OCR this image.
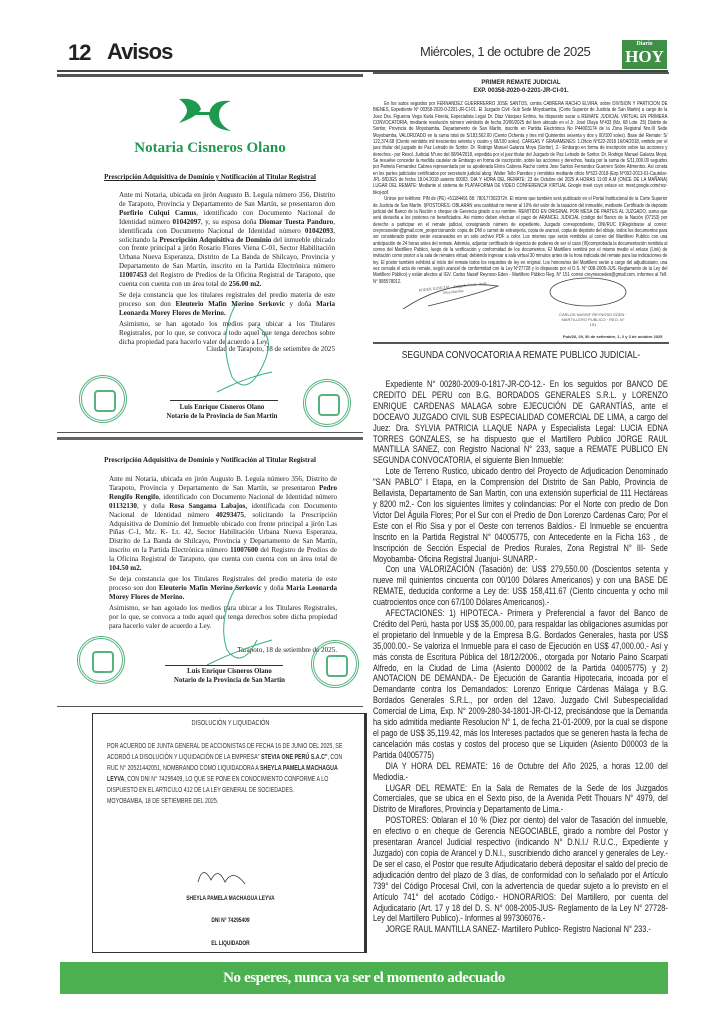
12 Avisos	Miércoles, 1 de octubre de 2025	Diario
HOY
Notaria Cisneros Olano
Prescripción Adquisitiva de Dominio y Notificación al Titular Registral

Ante mi Notaria, ubicada en jirón Augusto B. Leguía número 356, Distrito de Tarapoto, Provincia y Departamento de San Martín, se presentaron don Porfirio Culqui Camus, identificado con Documento Nacional de Identidad número 01042097, y, su esposa doña Diomar Tuesta Panduro, identificada con Documento Nacional de Identidad número 01042093, solicitando la Prescripción Adquisitiva de Dominio del inmueble ubicado con frente principal a jirón Rosario Flores Viena C-01, Sector Habilitación Urbana Nueva Esperanza, Distrito de La Banda de Shilcayo, Provincia y Departamento de San Martín, inscrito en la Partida Electrónica número 11007453 del Registro de Predios de la Oficina Registral de Tarapoto, que cuenta con cuenta con un área total de 256.00 m2.

Se deja constancia que los titulares registrales del predio materia de este proceso son don Eleuterio Mafin Merino Serkovic y doña Maria Leonarda Morey Flores de Merino.

Asimismo, se han agotado los medios para ubicar a los Titulares Registrales, por lo que, se convoca a todo aquel que tenga derechos sobre dicha propiedad para hacerlo valer de acuerdo a Ley.

Ciudad de Tarapoto, 18 de setiembre de 2025
Luis Enrique Cisneros Olano
Notario de la Provincia de San Martin
Prescripción Adquisitiva de Dominio y Notificación al Titular Registral

Ante mi Notaria, ubicada en jirón Augusto B. Leguía número 356, Distrito de Tarapoto, Provincia y Departamento de San Martín, se presentaron Pedro Rengifo Rengifo, identificado con Documento Nacional de Identidad número 01132130, y doña Rosa Sangama Labajos, identificada con Documento Nacional de Identidad número 40293475, solicitando la Prescripción Adquisitiva de Dominio del Inmueble ubicado con frente principal a jirón Las Piñas C-1, Mz. K- Lt. 42, Sector Habilitación Urbana Nueva Esperanza, Distrito de La Banda de Shilcayo, Provincia y Departamento de San Martín, inscrito en la Partida Electrónica número 11007600 del Registro de Predios de la Oficina Registral de Tarapoto, que cuenta con cuenta con un área total de 104.50 m2.

Se deja constancia que los Titulares Registrales del predio materia de este proceso son don Eleuterio Mafin Merino Serkovic y doña Maria Leonarda Morey Flores de Merino.

Asimismo, se han agotado los medios para ubicar a los Titulares Registrales, por lo que, se convoca a todo aquel que tenga derechos sobre dicha propiedad para hacerlo valer de acuerdo a Ley.

Tarapoto, 18 de setiembre de 2025.
Luis Enrique Cisneros Olano
Notario de la Provincia de San Martin
DISOLUCIÓN Y LIQUIDACIÓN

POR ACUERDO DE JUNTA GENERAL DE ACCIONISTAS DE FECHA 16 DE JUNIO DEL 2025, SE ACORDÓ LA DISOLUCIÓN Y LIQUIDACIÓN DE LA EMPRESA" STEVIA ONE PERÚ S.A.C", CON RUC N° 20521442051, NOMBRANDO COMO LIQUIDADORA A SHEYLA PAMELA MACHAGUA LEYVA, CON DNI N° 74295409, LO QUE SE PONE EN CONOCIMIENTO CONFORME A LO DISPUESTO EN EL ARTICULO 412 DE LA LEY GENERAL DE SOCIEDADES.

MOYOBAMBA, 18 DE SETIEMBRE DEL 2025.

SHEYLA PAMELA MACHAGUA LEYVA
DNI N° 74295409
EL LIQUIDADOR
PRIMER REMATE JUDICIAL
EXP. 00358-2020-0-2201-JR-CI-01.

En los autos seguidos por FERNANDEZ GUERRRERRO JOSE SANTOS, contra CABRERA RACHO ELVIRA, sobre DIVISION Y PARTICION DE BIENES, Expediente N° 00358-2020-0-2201-JR-CI-01. El Juzgado Civil -Sub Sede Moyobamba, (Corte Superior de Justicia de San Martin) a cargo de la Juez Dra. Figueroa Vega Karla Fiorela, Especialista Legal Dr. Diaz Vásquez Erdma, ha dispuesto sacar a REMATE JUDICIAL VIRTUAL EN PRIMERA CONVOCATORIA, mediante resolución número veintiséis de fecha 20/06/2025 del bien ubicado en el Jr. José Olaya N°433 (Mz. 68 Lote. 25) Distrito de Soritor, Provincia de Moyobamba, Departamento de San Martin, inscrito en Partida Electrónica No P44003174 de la Zona Registral Nro.III Sede Moyobamba, VALORIZADO en la suma total de S/183,562.00 (Ciento Ochenta y tres mil Quinientos sesenta y dos y 00/100 soles). Base del Remate: S/ 122,374.68 (Ciento veintidós mil trescientos setenta y cuatro y 68/100 soles). CARGAS Y GRAVAMENES: 1.Oficio N°622-2018 16/04/2018, emitido por el juez titular del juzgado de Paz Letrado de Soritor. Dr. Rodrigo Manuel Galarza Moya (Soritor). 2.- Embargo en forma de inscripción sobre las acciones y derechos.- por Resol. Judicial N°uno del 08/04/2018, expedida por el juez titular del Juzgado de Paz Letrado de Soritor. Dr. Rodrigo Manuel Galarza Moya; Se resuelve conceder la medida cautelar de Embargo en forma de inscripción, sobre las acciones y derechos, hasta por la suma de S/11,000.00 seguidos por Pamela Fernandez Cabrea representada por su apoderada Elvira Cabrera Racho contra Jose Santos Fernandez Guerrero Sobre Alimentos. Asi consta en los partes judiciales certificados por secretario judicial abog. Walter Tello Paredes y remitidos mediante oficio N°622-2018-(Exp N°092-2013-01-Cautelar-JPL-SfDJGS de fecha 18.04.2018 asiento 00003. DIA Y HORA DEL REMATE: 23 de Octubre del 2025 A HORAS 11:00 A.M (ONCE DE LA MAÑANA) LUGAR DEL REMATE: Mediante el sistema de PLATAFORMA DE VIDEO CONFERENCIA VIRTUAL Google meet cuyo enlace es: meet.google.com/nxz-bkoj-qof.

Unirse por teléfono: PIN de (PE) +51184491 88: 780177302372#. El mismo que también será publicado en el Portal Institucional de la Corte Superior de Justicia de San Martin. I)POSTORES: OBLARÁN una cantidad no menor al 10% del valor de la tasación del inmueble, mediante Certificado de depósito judicial del Banco de la Nación o cheque de Gerencia girado a su nombre. REMITIDO EN ORIGINAL POR MESA DE PARTES AL JUZGADO, suma que será devuelta a los postores no beneficiados. Asi mismo deben efectuar el pago de ARANCEL JUDICIAL (código del Banco de la Nación (07153) por derecho a participar en el remate judicial, consignando número de expediente, Juzgado correspondiente, DNI/RUC II)Registrarse al correo: creynosoeden@gmail.com_proporcionando: copia de DNI o carnet de extranjería, copia de arancel, copia de depósito del oblaje, todos los documentos para ser considerado postor serán escaneados en un solo archivo PDF a color. Los mismos que serán remitidos al correo del Martillero Publico con una anticipación de 24 horas antes del remate. Además, adjuntar certificado de vigencia de poderes de ser el caso (III)comprobada la documentación remitida al correo del Martillero Publico, luego de la verificación y conformidad de los documentos. El Martillero remitirá por el mismo medio el enlace (Link) de invitación como postor a la sala de remates virtual; debiendo ingresar a sala virtual 30 minutos antes de la hora indicada del remate para las indicaciones de ley. El postor también exhibirá al inicio del remate todos los requisitos de ley en original. Los honorarios del Martillero serán a cargo del adjudicatario, una vez cerrada el acta de remate, según arancel de conformidad con la Ley N°27728 y lo dispuesto por el D.S. N° 008-2005-JUS. Reglamento de la Ley del Martillero Público) y están afectos al IGV. Carlos Nassif Reynoso Eden - Martillero Público Reg. N° 151 correo creynosoeden@gmail.com. informes al Telf. N° 985578012.	PODER JUDICIAL · Juzgado Civil · Sede Moyobamba
CARLOS NASSIF REYNOSO EDEN · MARTILLERO PUBLICO · REG. N° 151
Pub/26, 29, 30 de setiembre, 1, 2 y 3 de octubre 2025
SEGUNDA CONVOCATORIA A REMATE PUBLICO JUDICIAL-

Expediente N° 00280-2009-0-1817-JR-CO-12.- En los seguidos por BANCO DE CREDITO DEL PERU con B.G. BORDADOS GENERALES S.R.L. y LORENZO ENRIQUE CARDENAS MALAGA sobre EJECUCIÓN DE GARANTÍAS, ante el DOCEAVO JUZGADO CIVIL SUB ESPECIALIDAD COMERCIAL DE LIMA, a cargo del Juez: Dra. SYLVIA PATRICIA LLAQUE NAPA y Especialista Legal: LUCIA EDNA TORRES GONZALES, se ha dispuesto que el Martillero Publico JORGE RAUL MANTILLA SANEZ, con Registro Nacional N° 233, saque a REMATE PUBLICO EN SEGUNDA CONVOCATORIA, el siguiente Bien Inmueble:

Lote de Terreno Rustico, ubicado dentro del Proyecto de Adjudicacion Denominado "SAN PABLO" I Etapa, en la Comprension del Distrito de San Pablo, Provincia de Bellavista, Departamento de San Martin, con una extensión superficial de 111 Hectáreas y 8200 m2.- Con los siguientes límites y colindancias: Por el Norte con predio de Don Victor Del Águila Flores; Por el Sur con el Predio de Don Lorenzo Cardenas Caro; Por el Este con el Rio Sisa y por el Oeste con terrenos Baldíos.- El Inmueble se encuentra Inscrito en la Partida Registral N° 04005775, con Antecedente en la Ficha 163 , de Inscripción de Sección Especial de Predios Rurales, Zona Registral N° III- Sede Moyobamba- Oficina Registral Juanjui- SUNARP.-

Con una VALORIZACIÓN (Tasación) de: US$ 279,550.00 (Doscientos setenta y nueve mil quinientos cincuenta con 00/100 Dólares Americanos) y con una BASE DE REMATE, deducida conforme a Ley de: US$ 158,411.67 (Ciento cincuenta y ocho mil cuatrocientos once con 67/100 Dólares Americanos).-

AFECTACIONES: 1) HIPOTECA.- Primera y Preferencial a favor del Banco de Crédito del Perú, hasta por US$ 35,000.00, para respaldar las obligaciones asumidas por el propietario del Inmueble y de la Empresa B.G. Bordados Generales, hasta por US$ 35,000.00.- Se valoriza el Inmueble para el caso de Ejecución en US$ 47,000.00.- Así y más consta de Escritura Pública del 18/12/2006., otorgada por Notario Paino Scarpati Alfredo, en la Ciudad de Lima (Asiento D00002 de la Partida 04005775) y 2) ANOTACION DE DEMANDA.- De Ejecución de Garantía Hipotecaria, incoada por el Demandante contra los Demandados: Lorenzo Enrique Cárdenas Málaga y B.G. Bordados Generales S.R.L., por orden del 12avo. Juzgado Civil Subespecialidad Comercial de Lima, Exp. N° 2009-280-34-1801-JR-CI-12, precisándose que la Demanda ha sido admitida mediante Resolucion N° 1, de fecha 21-01-2009, por la cual se dispone el pago de US$ 35,119.42, más los Intereses pactados que se generen hasta la fecha de cancelación más costas y costos del proceso que se Liquiden (Asiento D00003 de la Partida 04005775)

DIA Y HORA DEL REMATE: 16 de Octubre del Año 2025, a horas 12.00 del Mediodía.-

LUGAR DEL REMATE: En la Sala de Remates de la Sede de los Juzgados Comerciales, que se ubica en el Sexto piso, de la Avenida Petit Thouars N° 4979, del Distrito de Miraflores, Provincia y Departamento de Lima.-

POSTORES: Oblaran el 10 % (Diez por ciento) del valor de Tasación del inmueble, en efectivo o en cheque de Gerencia NEGOCIABLE, girado a nombre del Postor y presentaran Arancel Judicial respectivo (indicando N° D.N.I./ R.U.C., Expediente y Juzgado) con copia de Arancel y D.N.I., suscribiendo dicho arancel y generales de Ley.- De ser el caso, el Postor que resulte Adjudicatario deberá depositar el saldo del precio de adjudicación dentro del plazo de 3 días, de conformidad con lo señalado por el Artículo 739° del Código Procesal Civil, con la advertencia de quedar sujeto a lo previsto en el Artículo 741° del acotado Código.- HONORARIOS: Del Martillero, por cuenta del Adjudicatario (Art. 17 y 18 del D. S. N° 008-2005-JUS- Reglamento de la Ley N° 27728- Ley del Martillero Publico).- Informes al 997306076.-

JORGE RAUL MANTILLA SANEZ- Martillero Publico- Registro Nacional N° 233.-

No esperes, nunca va ser el momento adecuado
